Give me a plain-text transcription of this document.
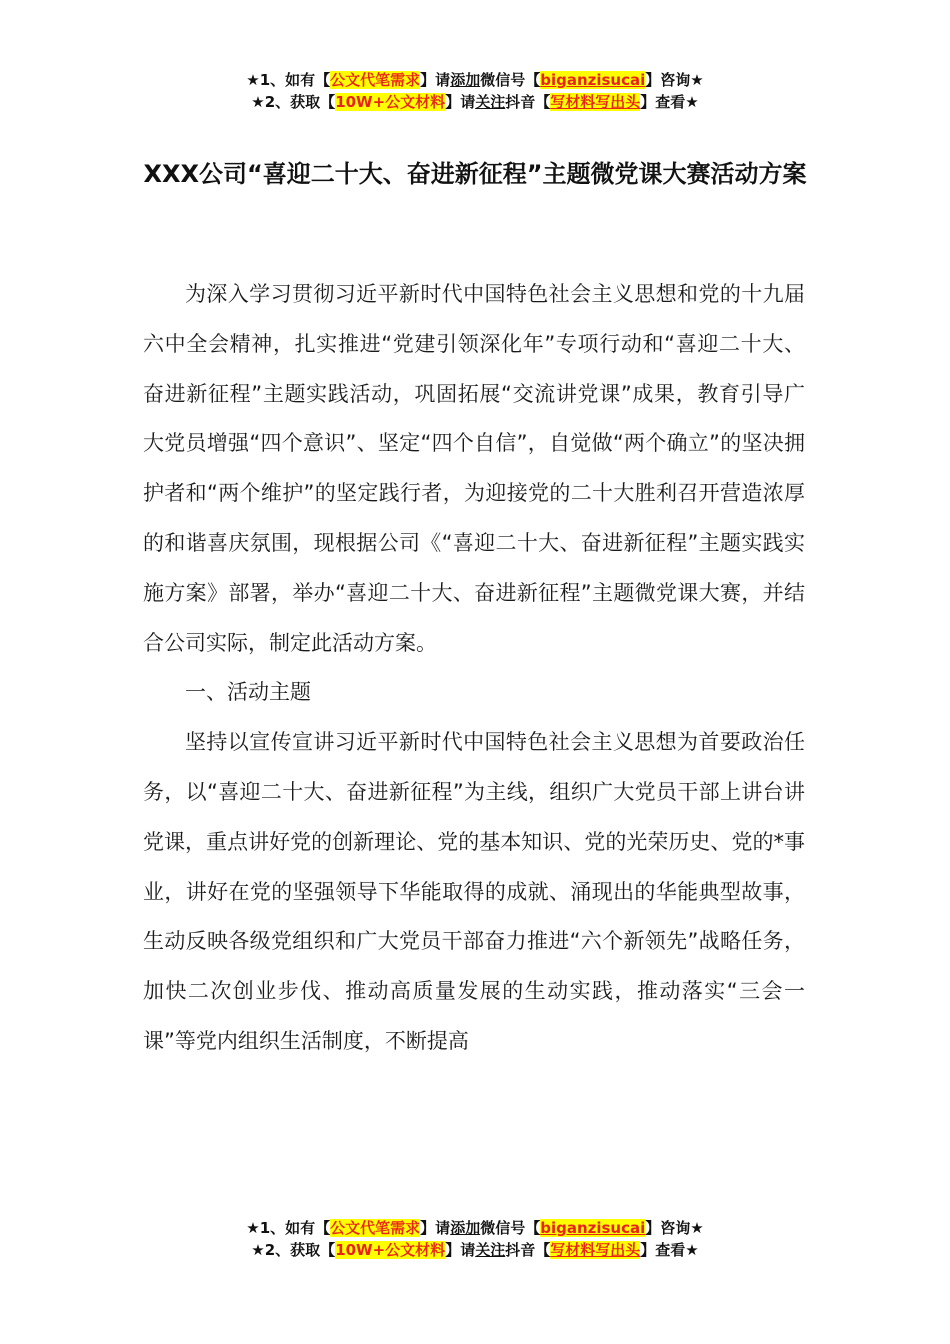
★1、如有【公文代笔需求】请添加微信号【biganzisucai】咨询★
★2、获取【10W+公文材料】请关注抖音【写材料写出头】查看★
XXX公司“喜迎二十大、奋进新征程”主题微党课大赛活动方案

为深入学习贯彻习近平新时代中国特色社会主义思想和党的十九届六中全会精神，扎实推进“党建引领深化年”专项行动和“喜迎二十大、奋进新征程”主题实践活动，巩固拓展“交流讲党课”成果，教育引导广大党员增强“四个意识”、坚定“四个自信”，自觉做“两个确立”的坚决拥护者和“两个维护”的坚定践行者，为迎接党的二十大胜利召开营造浓厚的和谐喜庆氛围，现根据公司《“喜迎二十大、奋进新征程”主题实践实施方案》部署，举办“喜迎二十大、奋进新征程”主题微党课大赛，并结合公司实际，制定此活动方案。

一、活动主题

坚持以宣传宣讲习近平新时代中国特色社会主义思想为首要政治任务，以“喜迎二十大、奋进新征程”为主线，组织广大党员干部上讲台讲党课，重点讲好党的创新理论、党的基本知识、党的光荣历史、党的*事业，讲好在党的坚强领导下华能取得的成就、涌现出的华能典型故事，生动反映各级党组织和广大党员干部奋力推进“六个新领先”战略任务，加快二次创业步伐、推动高质量发展的生动实践，推动落实“三会一课”等党内组织生活制度，不断提高

★1、如有【公文代笔需求】请添加微信号【biganzisucai】咨询★
★2、获取【10W+公文材料】请关注抖音【写材料写出头】查看★
